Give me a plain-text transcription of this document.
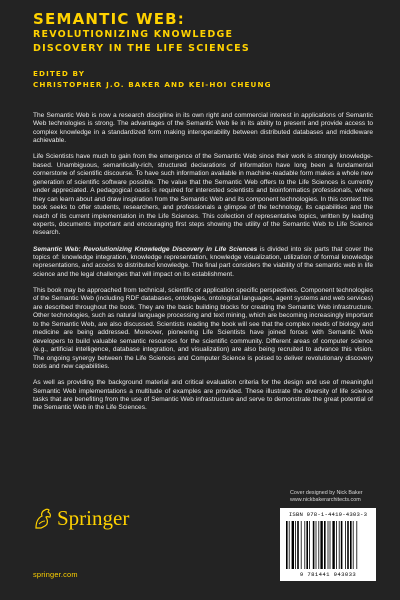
SEMANTIC WEB:
REVOLUTIONIZING KNOWLEDGE
DISCOVERY IN THE LIFE SCIENCES
EDITED BY
CHRISTOPHER J.O. BAKER AND KEI-HOI CHEUNG

The Semantic Web is now a research discipline in its own right and commercial interest in applications of Semantic Web technologies is strong. The advantages of the Semantic Web lie in its ability to present and provide access to complex knowledge in a standardized form making interoperability between distributed databases and middleware achievable.

Life Scientists have much to gain from the emergence of the Semantic Web since their work is strongly knowledge-based. Unambiguous, semantically-rich, structured declarations of information have long been a fundamental cornerstone of scientific discourse. To have such information available in machine-readable form makes a whole new generation of scientific software possible. The value that the Semantic Web offers to the Life Sciences is currently under appreciated. A pedagogical oasis is required for interested scientists and bioinformatics professionals, where they can learn about and draw inspiration from the Semantic Web and its component technologies. In this context this book seeks to offer students, researchers, and professionals a glimpse of the technology, its capabilities and the reach of its current implementation in the Life Sciences. This collection of representative topics, written by leading experts, documents important and encouraging first steps showing the utility of the Semantic Web to Life Science research.

Semantic Web: Revolutionizing Knowledge Discovery in Life Sciences is divided into six parts that cover the topics of: knowledge integration, knowledge representation, knowledge visualization, utilization of formal knowledge representations, and access to distributed knowledge. The final part considers the viability of the semantic web in life science and the legal challenges that will impact on its establishment.

This book may be approached from technical, scientific or application specific perspectives. Component technologies of the Semantic Web (including RDF databases, ontologies, ontological languages, agent systems and web services) are described throughout the book. They are the basic building blocks for creating the Semantic Web infrastructure. Other technologies, such as natural language processing and text mining, which are becoming increasingly important to the Semantic Web, are also discussed. Scientists reading the book will see that the complex needs of biology and medicine are being addressed. Moreover, pioneering Life Scientists have joined forces with Semantic Web developers to build valuable semantic resources for the scientific community. Different areas of computer science (e.g., artificial intelligence, database integration, and visualization) are also being recruited to advance this vision. The ongoing synergy between the Life Sciences and Computer Science is poised to deliver revolutionary discovery tools and new capabilities.

As well as providing the background material and critical evaluation criteria for the design and use of meaningful Semantic Web implementations a multitude of examples are provided. These illustrate the diversity of life science tasks that are benefiting from the use of Semantic Web infrastructure and serve to demonstrate the great potential of the Semantic Web in the Life Sciences.

Cover designed by Nick Baker
www.nickbakerarchitects.com
Springer
springer.com
ISBN 978-1-4419-4303-3
9 781441 943033
